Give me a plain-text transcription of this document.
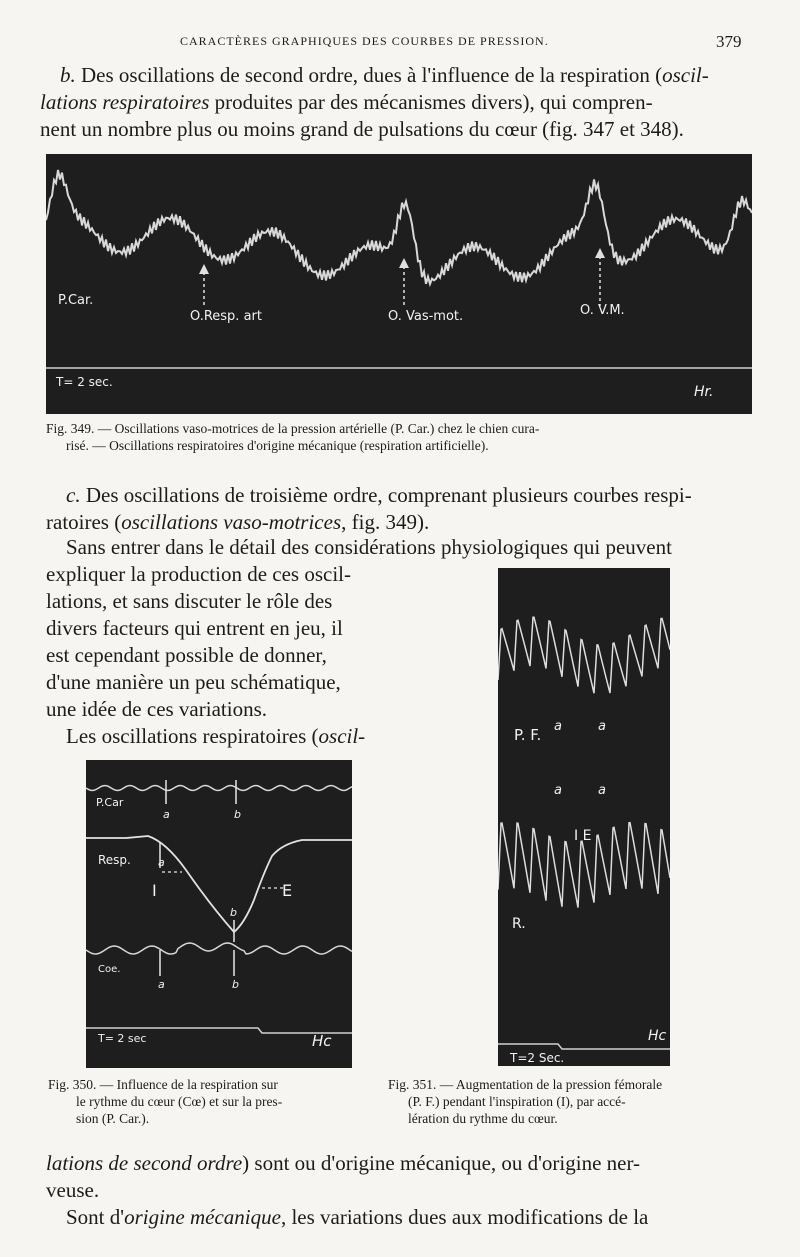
CARACTÈRES GRAPHIQUES DES COURBES DE PRESSION.	379
b. Des oscillations de second ordre, dues à l'influence de la respiration (oscil-
lations respiratoires produites par des mécanismes divers), qui compren-
nent un nombre plus ou moins grand de pulsations du cœur (fig. 347 et 348).
P.Car.
O.Resp. art	O. Vas-mot.	O. V.M.
T= 2 sec.
Hr.
Fig. 349. — Oscillations vaso-motrices de la pression artérielle (P. Car.) chez le chien cura-
risé. — Oscillations respiratoires d'origine mécanique (respiration artificielle).
c. Des oscillations de troisième ordre, comprenant plusieurs courbes respi-
ratoires (oscillations vaso-motrices, fig. 349).
Sans entrer dans le détail des considérations physiologiques qui peuvent
expliquer la production de ces oscil-
lations, et sans discuter le rôle des
divers facteurs qui entrent en jeu, il
est cependant possible de donner,
d'une manière un peu schématique,
une idée de ces variations.
Les oscillations respiratoires (oscil-
P.Car
Resp.
Coe.
a	b
a
b
a	b
I	E
T= 2 sec	Hc
Fig. 350. — Influence de la respiration sur
le rythme du cœur (Cœ) et sur la pres-
sion (P. Car.).
P. F. a	a
a	a
I E
R.
T=2 Sec.
Hc
Fig. 351. — Augmentation de la pression fémorale
(P. F.) pendant l'inspiration (I), par accé-
lération du rythme du cœur.
lations de second ordre) sont ou d'origine mécanique, ou d'origine ner-
veuse.
Sont d'origine mécanique, les variations dues aux modifications de la
